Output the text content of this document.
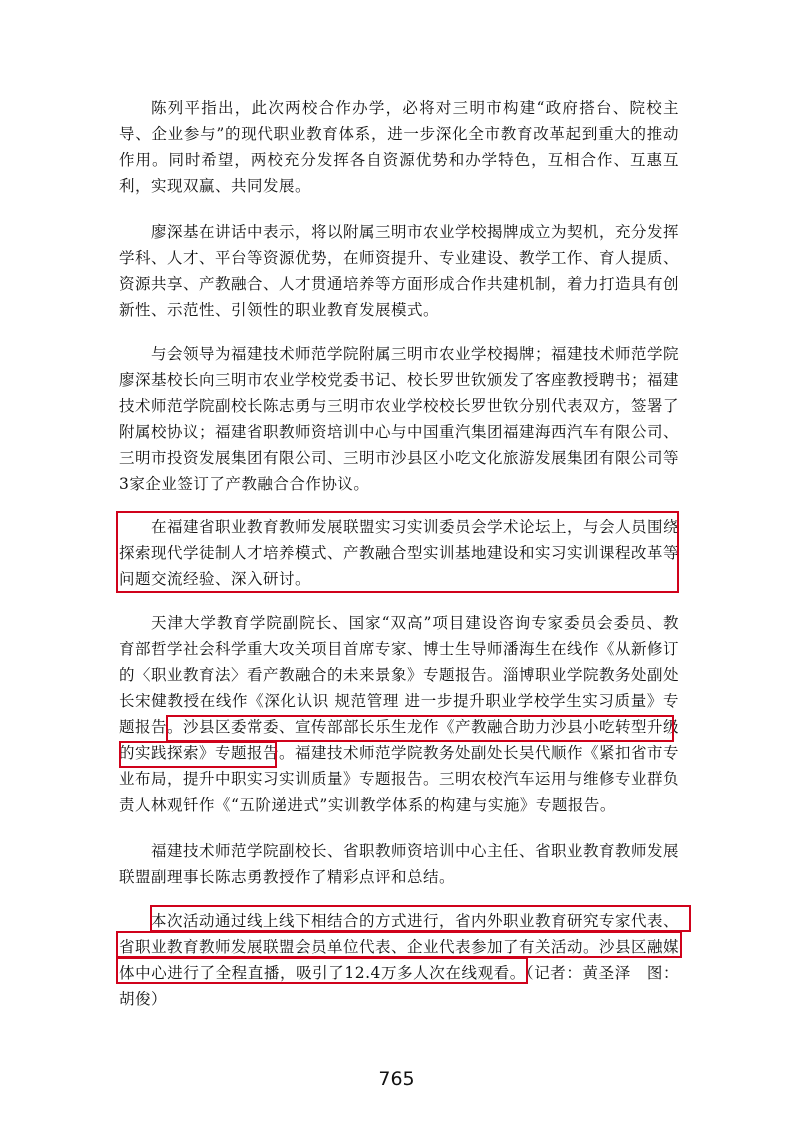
陈列平指出，此次两校合作办学，必将对三明市构建“政府搭台、院校主导、企业参与”的现代职业教育体系，进一步深化全市教育改革起到重大的推动作用。同时希望，两校充分发挥各自资源优势和办学特色，互相合作、互惠互利，实现双赢、共同发展。

廖深基在讲话中表示，将以附属三明市农业学校揭牌成立为契机，充分发挥学科、人才、平台等资源优势，在师资提升、专业建设、教学工作、育人提质、资源共享、产教融合、人才贯通培养等方面形成合作共建机制，着力打造具有创新性、示范性、引领性的职业教育发展模式。

与会领导为福建技术师范学院附属三明市农业学校揭牌；福建技术师范学院廖深基校长向三明市农业学校党委书记、校长罗世钦颁发了客座教授聘书；福建技术师范学院副校长陈志勇与三明市农业学校校长罗世钦分别代表双方，签署了附属校协议；福建省职教师资培训中心与中国重汽集团福建海西汽车有限公司、三明市投资发展集团有限公司、三明市沙县区小吃文化旅游发展集团有限公司等3家企业签订了产教融合合作协议。

在福建省职业教育教师发展联盟实习实训委员会学术论坛上，与会人员围绕探索现代学徒制人才培养模式、产教融合型实训基地建设和实习实训课程改革等问题交流经验、深入研讨。

天津大学教育学院副院长、国家“双高”项目建设咨询专家委员会委员、教育部哲学社会科学重大攻关项目首席专家、博士生导师潘海生在线作《从新修订的〈职业教育法〉看产教融合的未来景象》专题报告。淄博职业学院教务处副处长宋健教授在线作《深化认识 规范管理 进一步提升职业学校学生实习质量》专题报告。沙县区委常委、宣传部部长乐生龙作《产教融合助力沙县小吃转型升级的实践探索》专题报告。福建技术师范学院教务处副处长吴代顺作《紧扣省市专业布局，提升中职实习实训质量》专题报告。三明农校汽车运用与维修专业群负责人林观钎作《“五阶递进式”实训教学体系的构建与实施》专题报告。

福建技术师范学院副校长、省职教师资培训中心主任、省职业教育教师发展联盟副理事长陈志勇教授作了精彩点评和总结。

本次活动通过线上线下相结合的方式进行，省内外职业教育研究专家代表、省职业教育教师发展联盟会员单位代表、企业代表参加了有关活动。沙县区融媒体中心进行了全程直播，吸引了12.4万多人次在线观看。（记者：黄圣泽　图：胡俊）

765
